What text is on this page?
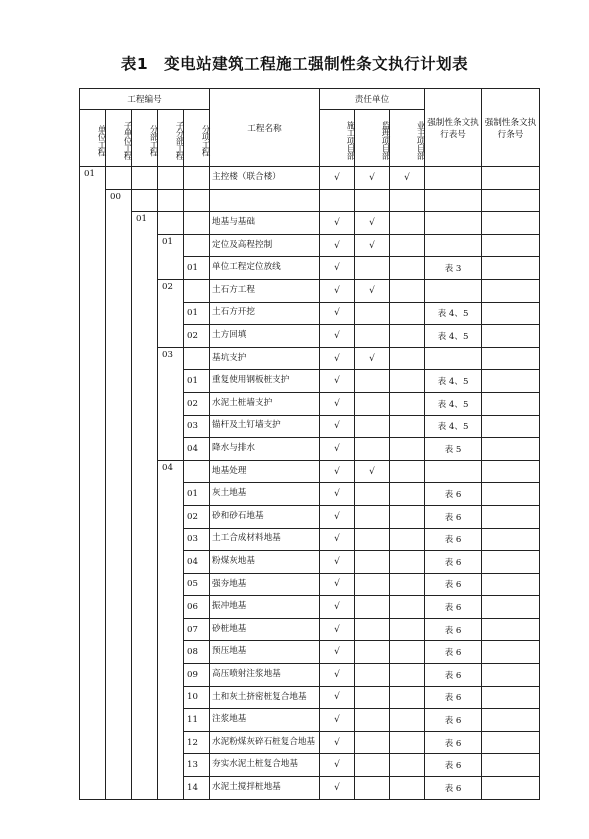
表1　变电站建筑工程施工强制性条文执行计划表
工程编号					工程名称	责任单位			强制性条文执行表号	强制性条文执行条号
单位工程	子单位工程	分部工程	子分部工程	分项工程		施工项目部	监理项目部	业主项目部		
01					主控楼（联合楼）	√	√	√		
	00									
		01			地基与基础	√	√			
			01		定位及高程控制	√	√			
				01	单位工程定位放线	√			表 3	
			02		土石方工程	√	√			
				01	土石方开挖	√			表 4、5	
				02	土方回填	√			表 4、5	
			03		基坑支护	√	√			
				01	重复使用钢板桩支护	√			表 4、5	
				02	水泥土桩墙支护	√			表 4、5	
				03	锚杆及土钉墙支护	√			表 4、5	
				04	降水与排水	√			表 5	
			04		地基处理	√	√			
				01	灰土地基	√			表 6	
				02	砂和砂石地基	√			表 6	
				03	土工合成材料地基	√			表 6	
				04	粉煤灰地基	√			表 6	
				05	强夯地基	√			表 6	
				06	振冲地基	√			表 6	
				07	砂桩地基	√			表 6	
				08	预压地基	√			表 6	
				09	高压喷射注浆地基	√			表 6	
				10	土和灰土挤密桩复合地基	√			表 6	
				11	注浆地基	√			表 6	
				12	水泥粉煤灰碎石桩复合地基	√			表 6	
				13	夯实水泥土桩复合地基	√			表 6	
				14	水泥土搅拌桩地基	√			表 6	
